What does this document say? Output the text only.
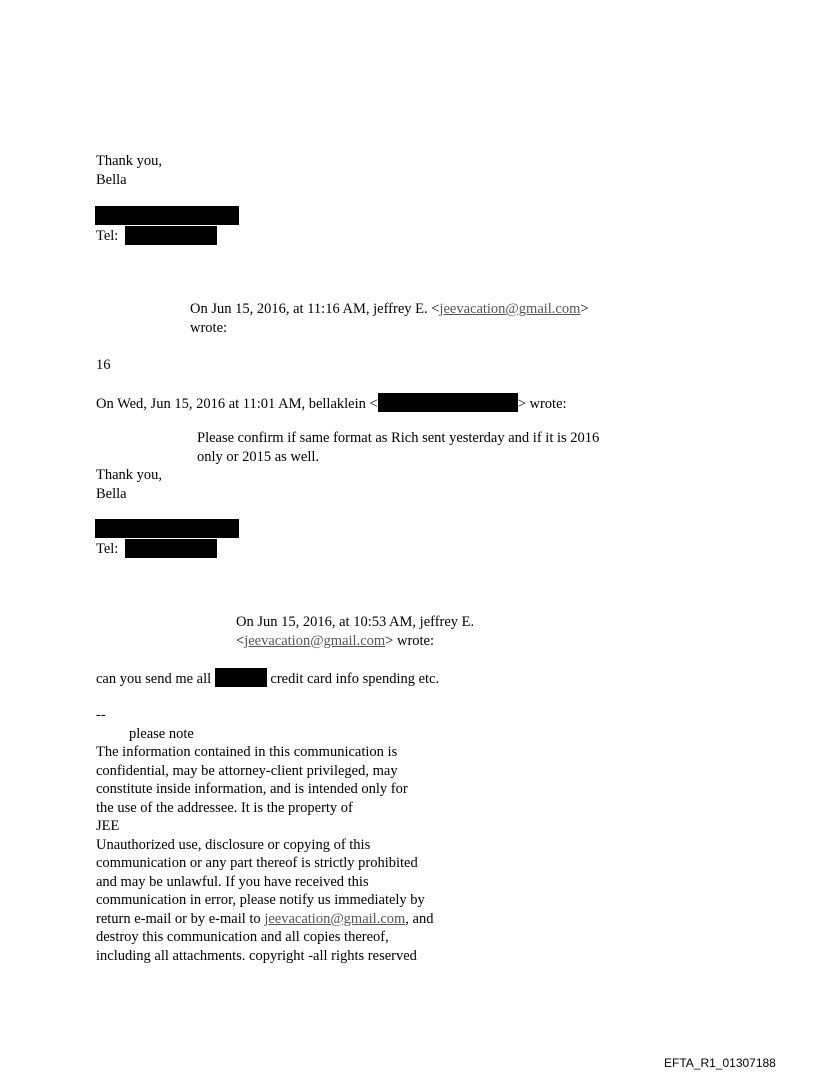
Thank you,
Bella
Tel:
On Jun 15, 2016, at 11:16 AM, jeffrey E. <jeevacation@gmail.com>
wrote:
16
On Wed, Jun 15, 2016 at 11:01 AM, bellaklein <	> wrote:
Please confirm if same format as Rich sent yesterday and if it is 2016
only or 2015 as well.
Thank you,
Bella
Tel:
On Jun 15, 2016, at 10:53 AM, jeffrey E.
<jeevacation@gmail.com> wrote:
can you send me all	credit card info spending etc.
--
please note
The information contained in this communication is
confidential, may be attorney-client privileged, may
constitute inside information, and is intended only for
the use of the addressee. It is the property of
JEE
Unauthorized use, disclosure or copying of this
communication or any part thereof is strictly prohibited
and may be unlawful. If you have received this
communication in error, please notify us immediately by
return e-mail or by e-mail to jeevacation@gmail.com, and
destroy this communication and all copies thereof,
including all attachments. copyright -all rights reserved
EFTA_R1_01307188
